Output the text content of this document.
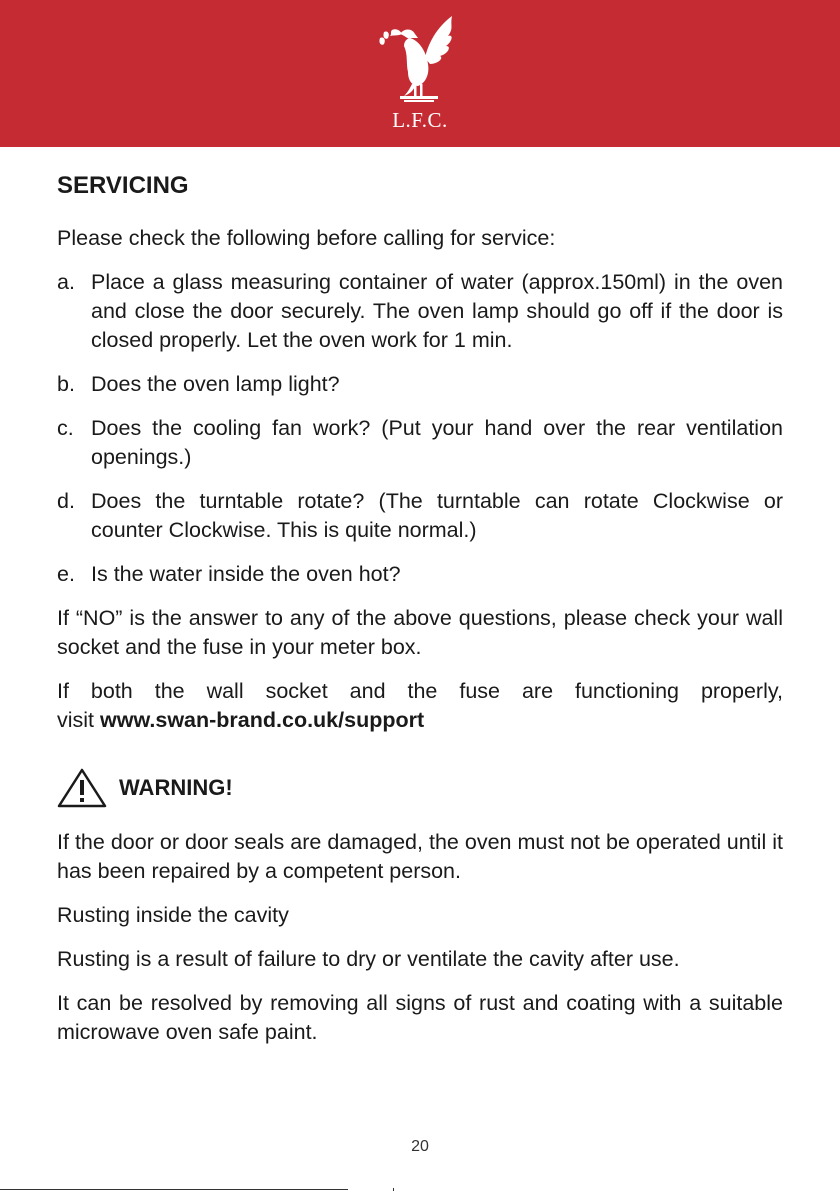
L.F.C.
SERVICING

Please check the following before calling for service:

a. Place a glass measuring container of water (approx.150ml) in the oven and close the door securely. The oven lamp should go off if the door is closed properly. Let the oven work for 1 min.
b. Does the oven lamp light?
c. Does the cooling fan work? (Put your hand over the rear ventilation openings.)
d. Does the turntable rotate? (The turntable can rotate Clockwise or counter Clockwise. This is quite normal.)
e. Is the water inside the oven hot?

If “NO” is the answer to any of the above questions, please check your wall socket and the fuse in your meter box.

If both the wall socket and the fuse are functioning properly,
visit www.swan-brand.co.uk/support

WARNING!

If the door or door seals are damaged, the oven must not be operated until it has been repaired by a competent person.

Rusting inside the cavity

Rusting is a result of failure to dry or ventilate the cavity after use.

It can be resolved by removing all signs of rust and coating with a suitable microwave oven safe paint.

20
